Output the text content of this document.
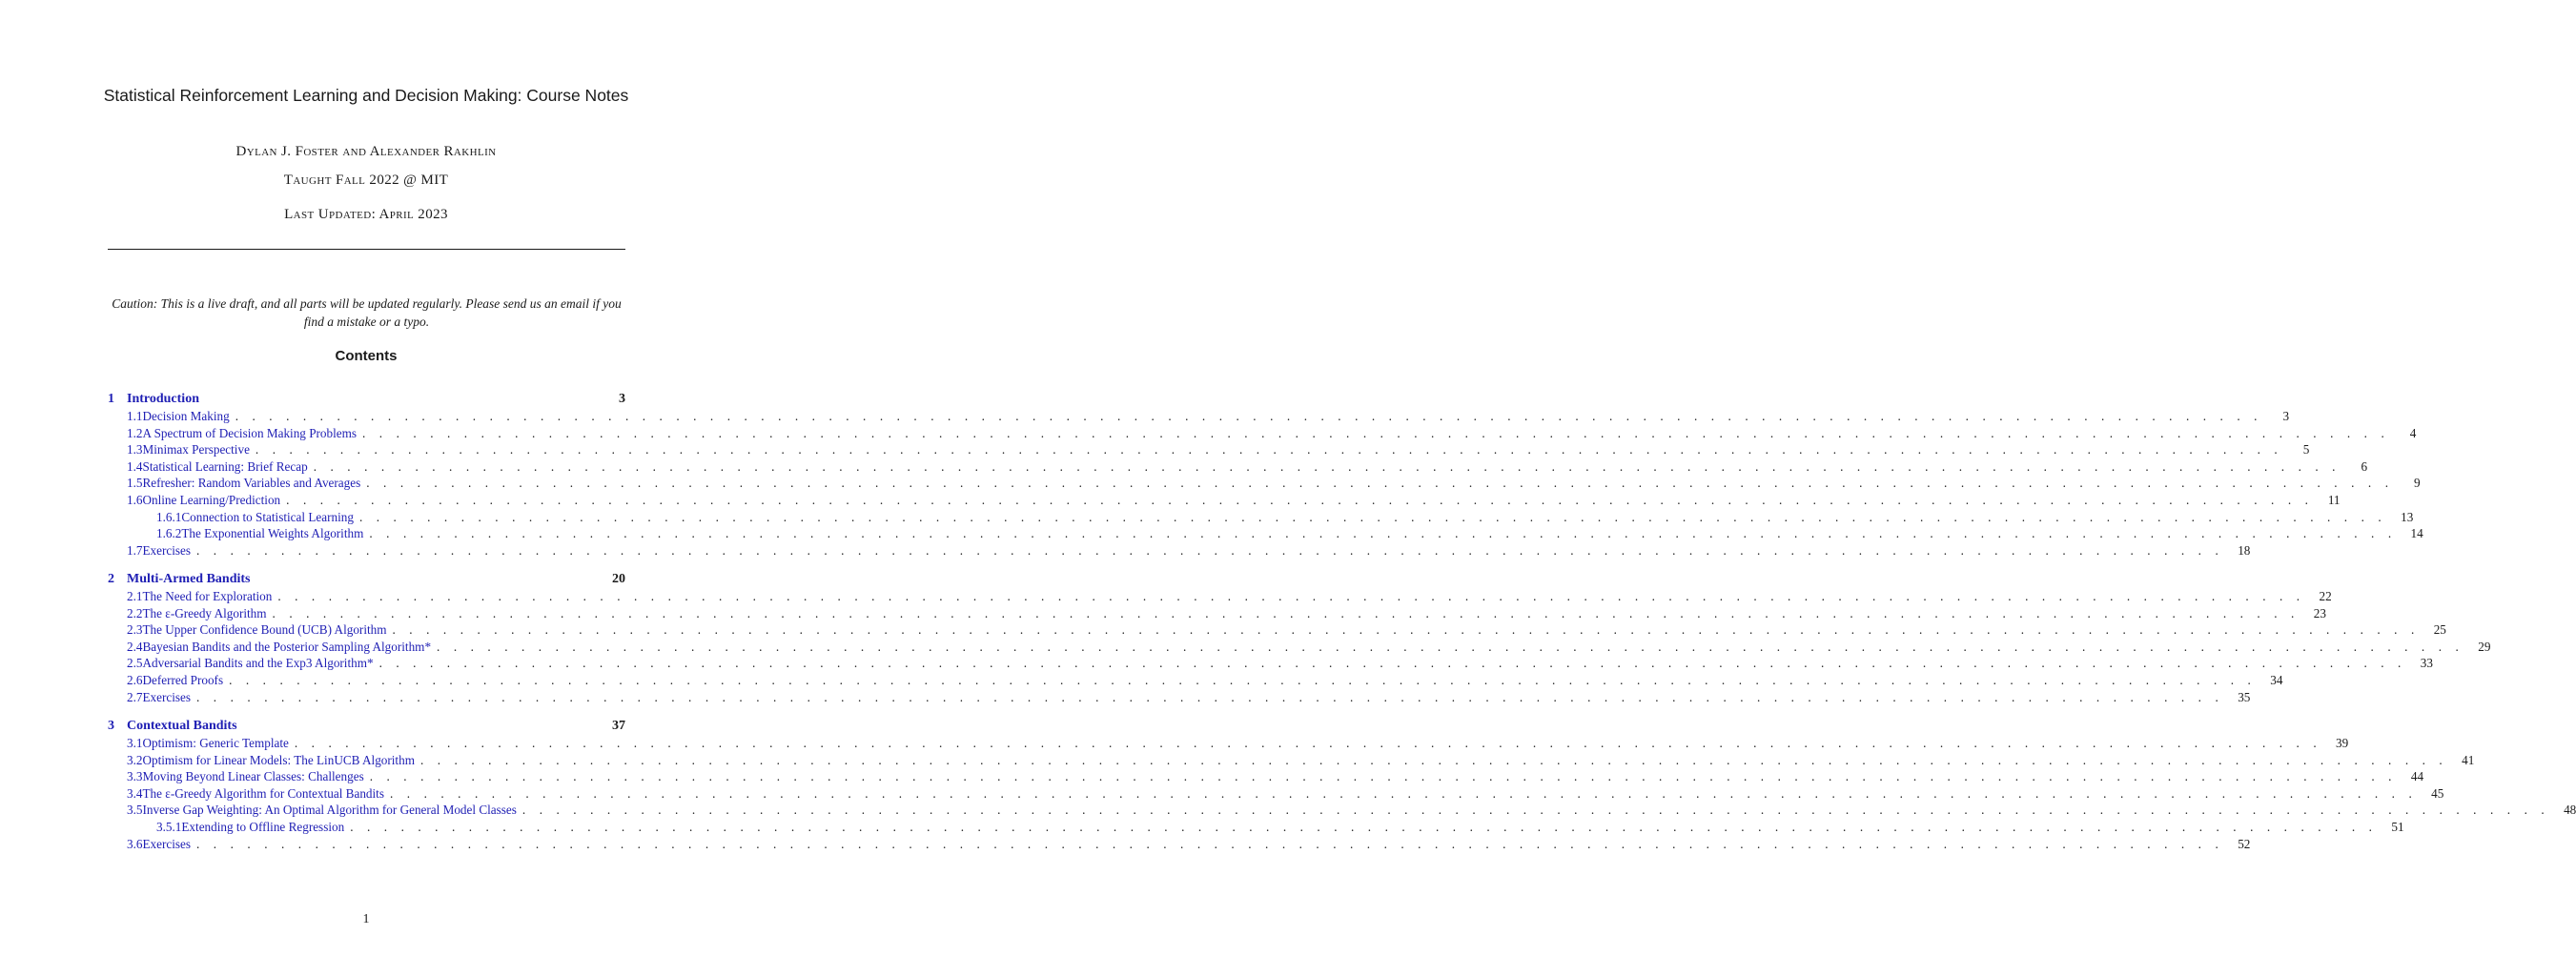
Statistical Reinforcement Learning and Decision Making: Course Notes
Dylan J. Foster and Alexander Rakhlin
Taught Fall 2022 @ MIT
Last Updated: April 2023
Caution: This is a live draft, and all parts will be updated regularly. Please send us an email if you find a mistake or a typo.
Contents
1 Introduction	3
1.1 Decision Making . . . . . . . . . . . . . . . . . . . . . . . . . . . . . . . . . . . . . . . . . . . . . . . . . . . . . . . . . . . . . . . . . . . . . . . . . . . . . . . . . . . . . . . . . . . . . . . . . . . . . . . . . . . . . . . . . . . . . . . .	3
1.2 A Spectrum of Decision Making Problems . . . . . . . . . . . . . . . . . . . . . . . . . . . . . . . . . . . . . . . . . . . . . . . . . . . . . . . . . . . . . . . . . . . . . . . . . . . . . . . . . . . . . . . . . . . . . . . . . . . . . . . . . . . . . . . . . . . . . . . .	4
1.3 Minimax Perspective . . . . . . . . . . . . . . . . . . . . . . . . . . . . . . . . . . . . . . . . . . . . . . . . . . . . . . . . . . . . . . . . . . . . . . . . . . . . . . . . . . . . . . . . . . . . . . . . . . . . . . . . . . . . . . . . . . . . . . . .	5
1.4 Statistical Learning: Brief Recap . . . . . . . . . . . . . . . . . . . . . . . . . . . . . . . . . . . . . . . . . . . . . . . . . . . . . . . . . . . . . . . . . . . . . . . . . . . . . . . . . . . . . . . . . . . . . . . . . . . . . . . . . . . . . . . . . . . . . . . .	6
1.5 Refresher: Random Variables and Averages . . . . . . . . . . . . . . . . . . . . . . . . . . . . . . . . . . . . . . . . . . . . . . . . . . . . . . . . . . . . . . . . . . . . . . . . . . . . . . . . . . . . . . . . . . . . . . . . . . . . . . . . . . . . . . . . . . . . . . . .	9
1.6 Online Learning/Prediction . . . . . . . . . . . . . . . . . . . . . . . . . . . . . . . . . . . . . . . . . . . . . . . . . . . . . . . . . . . . . . . . . . . . . . . . . . . . . . . . . . . . . . . . . . . . . . . . . . . . . . . . . . . . . . . . . . . . . . . .	11
1.6.1 Connection to Statistical Learning . . . . . . . . . . . . . . . . . . . . . . . . . . . . . . . . . . . . . . . . . . . . . . . . . . . . . . . . . . . . . . . . . . . . . . . . . . . . . . . . . . . . . . . . . . . . . . . . . . . . . . . . . . . . . . . . . . . . . . . .	13
1.6.2 The Exponential Weights Algorithm . . . . . . . . . . . . . . . . . . . . . . . . . . . . . . . . . . . . . . . . . . . . . . . . . . . . . . . . . . . . . . . . . . . . . . . . . . . . . . . . . . . . . . . . . . . . . . . . . . . . . . . . . . . . . . . . . . . . . . . .	14
1.7 Exercises . . . . . . . . . . . . . . . . . . . . . . . . . . . . . . . . . . . . . . . . . . . . . . . . . . . . . . . . . . . . . . . . . . . . . . . . . . . . . . . . . . . . . . . . . . . . . . . . . . . . . . . . . . . . . . . . . . . . . . . .	18
2 Multi-Armed Bandits	20
2.1 The Need for Exploration . . . . . . . . . . . . . . . . . . . . . . . . . . . . . . . . . . . . . . . . . . . . . . . . . . . . . . . . . . . . . . . . . . . . . . . . . . . . . . . . . . . . . . . . . . . . . . . . . . . . . . . . . . . . . . . . . . . . . . . .	22
2.2 The ε-Greedy Algorithm . . . . . . . . . . . . . . . . . . . . . . . . . . . . . . . . . . . . . . . . . . . . . . . . . . . . . . . . . . . . . . . . . . . . . . . . . . . . . . . . . . . . . . . . . . . . . . . . . . . . . . . . . . . . . . . . . . . . . . . .	23
2.3 The Upper Confidence Bound (UCB) Algorithm . . . . . . . . . . . . . . . . . . . . . . . . . . . . . . . . . . . . . . . . . . . . . . . . . . . . . . . . . . . . . . . . . . . . . . . . . . . . . . . . . . . . . . . . . . . . . . . . . . . . . . . . . . . . . . . . . . . . . . . .	25
2.4 Bayesian Bandits and the Posterior Sampling Algorithm* . . . . . . . . . . . . . . . . . . . . . . . . . . . . . . . . . . . . . . . . . . . . . . . . . . . . . . . . . . . . . . . . . . . . . . . . . . . . . . . . . . . . . . . . . . . . . . . . . . . . . . . . . . . . . . . . . . . . . . . .	29
2.5 Adversarial Bandits and the Exp3 Algorithm* . . . . . . . . . . . . . . . . . . . . . . . . . . . . . . . . . . . . . . . . . . . . . . . . . . . . . . . . . . . . . . . . . . . . . . . . . . . . . . . . . . . . . . . . . . . . . . . . . . . . . . . . . . . . . . . . . . . . . . . .	33
2.6 Deferred Proofs . . . . . . . . . . . . . . . . . . . . . . . . . . . . . . . . . . . . . . . . . . . . . . . . . . . . . . . . . . . . . . . . . . . . . . . . . . . . . . . . . . . . . . . . . . . . . . . . . . . . . . . . . . . . . . . . . . . . . . . .	34
2.7 Exercises . . . . . . . . . . . . . . . . . . . . . . . . . . . . . . . . . . . . . . . . . . . . . . . . . . . . . . . . . . . . . . . . . . . . . . . . . . . . . . . . . . . . . . . . . . . . . . . . . . . . . . . . . . . . . . . . . . . . . . . .	35
3 Contextual Bandits	37
3.1 Optimism: Generic Template . . . . . . . . . . . . . . . . . . . . . . . . . . . . . . . . . . . . . . . . . . . . . . . . . . . . . . . . . . . . . . . . . . . . . . . . . . . . . . . . . . . . . . . . . . . . . . . . . . . . . . . . . . . . . . . . . . . . . . . .	39
3.2 Optimism for Linear Models: The LinUCB Algorithm . . . . . . . . . . . . . . . . . . . . . . . . . . . . . . . . . . . . . . . . . . . . . . . . . . . . . . . . . . . . . . . . . . . . . . . . . . . . . . . . . . . . . . . . . . . . . . . . . . . . . . . . . . . . . . . . . . . . . . . .	41
3.3 Moving Beyond Linear Classes: Challenges . . . . . . . . . . . . . . . . . . . . . . . . . . . . . . . . . . . . . . . . . . . . . . . . . . . . . . . . . . . . . . . . . . . . . . . . . . . . . . . . . . . . . . . . . . . . . . . . . . . . . . . . . . . . . . . . . . . . . . . .	44
3.4 The ε-Greedy Algorithm for Contextual Bandits . . . . . . . . . . . . . . . . . . . . . . . . . . . . . . . . . . . . . . . . . . . . . . . . . . . . . . . . . . . . . . . . . . . . . . . . . . . . . . . . . . . . . . . . . . . . . . . . . . . . . . . . . . . . . . . . . . . . . . . .	45
3.5 Inverse Gap Weighting: An Optimal Algorithm for General Model Classes . . . . . . . . . . . . . . . . . . . . . . . . . . . . . . . . . . . . . . . . . . . . . . . . . . . . . . . . . . . . . . . . . . . . . . . . . . . . . . . . . . . . . . . . . . . . . . . . . . . . . . . . . . . . . . . . . . . . . . . .	48
3.5.1 Extending to Offline Regression . . . . . . . . . . . . . . . . . . . . . . . . . . . . . . . . . . . . . . . . . . . . . . . . . . . . . . . . . . . . . . . . . . . . . . . . . . . . . . . . . . . . . . . . . . . . . . . . . . . . . . . . . . . . . . . . . . . . . . . .	51
3.6 Exercises . . . . . . . . . . . . . . . . . . . . . . . . . . . . . . . . . . . . . . . . . . . . . . . . . . . . . . . . . . . . . . . . . . . . . . . . . . . . . . . . . . . . . . . . . . . . . . . . . . . . . . . . . . . . . . . . . . . . . . . .	52
1
